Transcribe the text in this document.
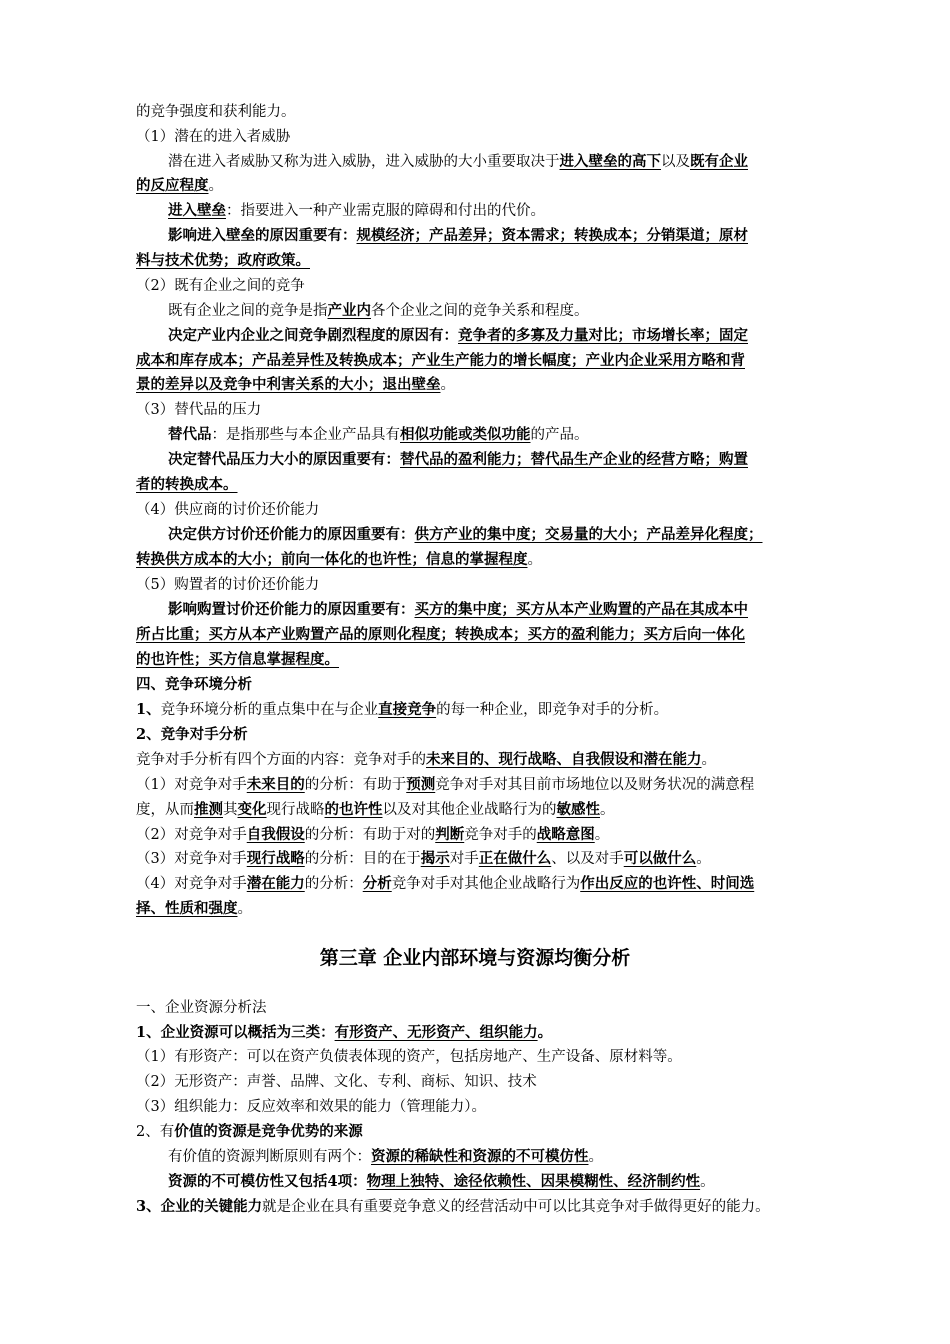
的竞争强度和获利能力。
（1）潜在的进入者威胁
潜在进入者威胁又称为进入威胁，进入威胁的大小重要取决于进入壁垒的高下以及既有企业
的反应程度。
进入壁垒：指要进入一种产业需克服的障碍和付出的代价。
影响进入壁垒的原因重要有：规模经济；产品差异；资本需求；转换成本；分销渠道；原材
料与技术优势；政府政策。
（2）既有企业之间的竞争
既有企业之间的竞争是指产业内各个企业之间的竞争关系和程度。
决定产业内企业之间竞争剧烈程度的原因有：竞争者的多寡及力量对比；市场增长率；固定
成本和库存成本；产品差异性及转换成本；产业生产能力的增长幅度；产业内企业采用方略和背
景的差异以及竞争中利害关系的大小；退出壁垒。
（3）替代品的压力
替代品：是指那些与本企业产品具有相似功能或类似功能的产品。
决定替代品压力大小的原因重要有：替代品的盈利能力；替代品生产企业的经营方略；购置
者的转换成本。
（4）供应商的讨价还价能力
决定供方讨价还价能力的原因重要有：供方产业的集中度；交易量的大小；产品差异化程度；
转换供方成本的大小；前向一体化的也许性；信息的掌握程度。
（5）购置者的讨价还价能力
影响购置讨价还价能力的原因重要有：买方的集中度；买方从本产业购置的产品在其成本中
所占比重；买方从本产业购置产品的原则化程度；转换成本；买方的盈利能力；买方后向一体化
的也许性；买方信息掌握程度。
四、竞争环境分析
1、竞争环境分析的重点集中在与企业直接竞争的每一种企业，即竞争对手的分析。
2、竞争对手分析
竞争对手分析有四个方面的内容：竞争对手的未来目的、现行战略、自我假设和潜在能力。
（1）对竞争对手未来目的的分析：有助于预测竞争对手对其目前市场地位以及财务状况的满意程
度，从而推测其变化现行战略的也许性以及对其他企业战略行为的敏感性。
（2）对竞争对手自我假设的分析：有助于对的判断竞争对手的战略意图。
（3）对竞争对手现行战略的分析：目的在于揭示对手正在做什么、以及对手可以做什么。
（4）对竞争对手潜在能力的分析：分析竞争对手对其他企业战略行为作出反应的也许性、时间选
择、性质和强度。
一、企业资源分析法
1、企业资源可以概括为三类：有形资产、无形资产、组织能力。
（1）有形资产：可以在资产负债表体现的资产，包括房地产、生产设备、原材料等。
（2）无形资产：声誉、品牌、文化、专利、商标、知识、技术
（3）组织能力：反应效率和效果的能力（管理能力）。
2、有价值的资源是竞争优势的来源
有价值的资源判断原则有两个：资源的稀缺性和资源的不可模仿性。
资源的不可模仿性又包括4项：物理上独特、途径依赖性、因果模糊性、经济制约性。
3、企业的关键能力就是企业在具有重要竞争意义的经营活动中可以比其竞争对手做得更好的能力。
第三章 企业内部环境与资源均衡分析
